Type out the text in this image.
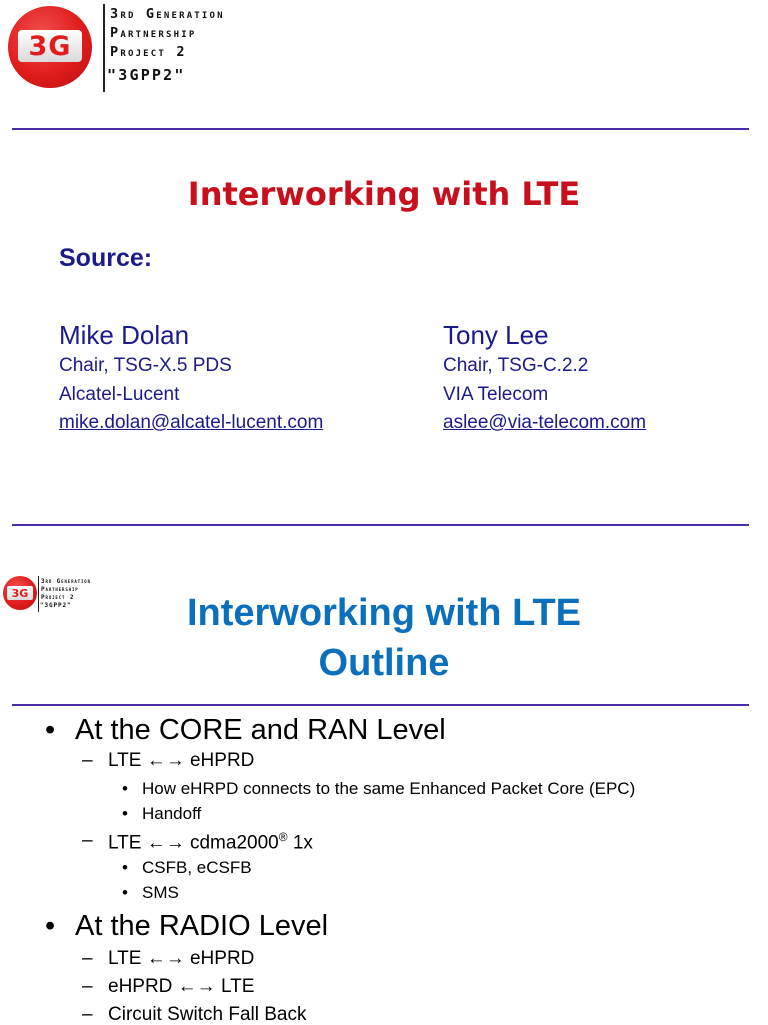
3G
3rd Generation
Partnership
Project 2
"3GPP2"
Interworking with LTE
Source:
Mike Dolan
Chair, TSG-X.5 PDS
Alcatel-Lucent
mike.dolan@alcatel-lucent.com
Tony Lee
Chair, TSG-C.2.2
VIA Telecom
aslee@via-telecom.com
3G
3rd Generation
Partnership
Project 2
"3GPP2"	Interworking with LTE
Outline
• At the CORE and RAN Level
– LTE ←→ eHPRD
• How eHRPD connects to the same Enhanced Packet Core (EPC)
• Handoff
– LTE ←→ cdma2000® 1x
• CSFB, eCSFB
• SMS
• At the RADIO Level
– LTE ←→ eHPRD
– eHPRD ←→ LTE
– Circuit Switch Fall Back
